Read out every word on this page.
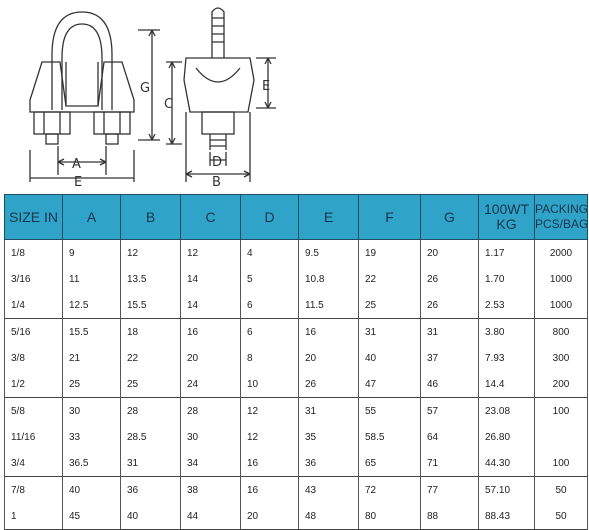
A
G
E
C
E
D
B
SIZE IN	A	B	C	D	E	F	G	100WT KG	PACKING PCS/BAG
1/8	9	12	12	4	9.5	19	20	1.17	2000
3/16	11	13.5	14	5	10.8	22	26	1.70	1000
1/4	12.5	15.5	14	6	11.5	25	26	2.53	1000
5/16	15.5	18	16	6	16	31	31	3.80	800
3/8	21	22	20	8	20	40	37	7.93	300
1/2	25	25	24	10	26	47	46	14.4	200
5/8	30	28	28	12	31	55	57	23.08	100
11/16	33	28.5	30	12	35	58.5	64	26.80	
3/4	36.5	31	34	16	36	65	71	44.30	100
7/8	40	36	38	16	43	72	77	57.10	50
1	45	40	44	20	48	80	88	88.43	50
